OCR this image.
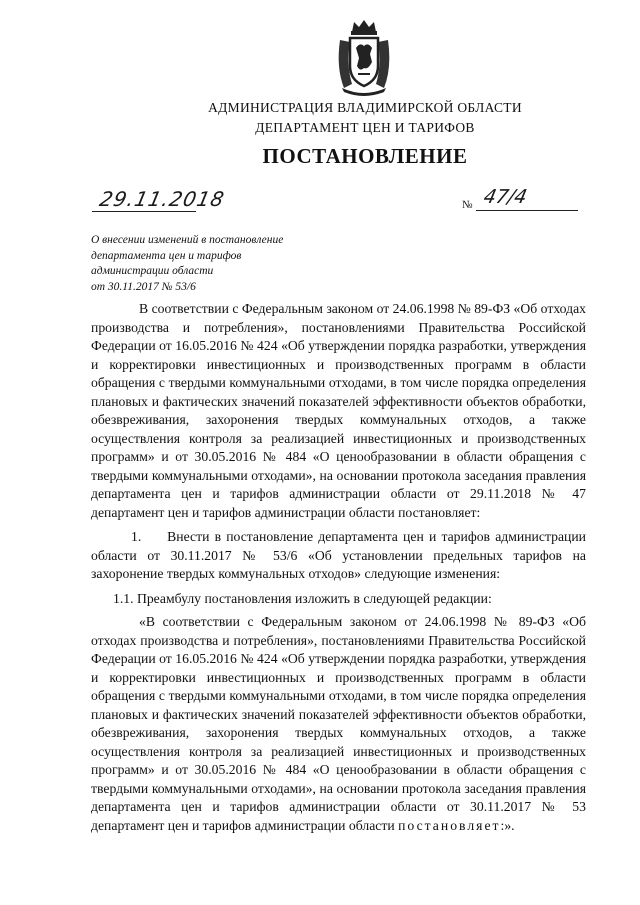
АДМИНИСТРАЦИЯ ВЛАДИМИРСКОЙ ОБЛАСТИ
ДЕПАРТАМЕНТ ЦЕН И ТАРИФОВ
ПОСТАНОВЛЕНИЕ
29.11.2018	№ 47/4
О внесении изменений в постановление
департамента цен и тарифов
администрации области
от 30.11.2017 № 53/6

В соответствии с Федеральным законом от 24.06.1998 № 89-ФЗ «Об отходах производства и потребления», постановлениями Правительства Российской Федерации от 16.05.2016 № 424 «Об утверждении порядка разработки, утверждения и корректировки инвестиционных и производственных программ в области обращения с твердыми коммунальными отходами, в том числе порядка определения плановых и фактических значений показателей эффективности объектов обработки, обезвреживания, захоронения твердых коммунальных отходов, а также осуществления контроля за реализацией инвестиционных и производственных программ» и от 30.05.2016 № 484 «О ценообразовании в области обращения с твердыми коммунальными отходами», на основании протокола заседания правления департамента цен и тарифов администрации области от 29.11.2018 № 47 департамент цен и тарифов администрации области постановляет:

1.     Внести в постановление департамента цен и тарифов администрации области от 30.11.2017 № 53/6 «Об установлении предельных тарифов на захоронение твердых коммунальных отходов» следующие изменения:

1.1. Преамбулу постановления изложить в следующей редакции:

«В соответствии с Федеральным законом от 24.06.1998 № 89-ФЗ «Об отходах производства и потребления», постановлениями Правительства Российской Федерации от 16.05.2016 № 424 «Об утверждении порядка разработки, утверждения и корректировки инвестиционных и производственных программ в области обращения с твердыми коммунальными отходами, в том числе порядка определения плановых и фактических значений показателей эффективности объектов обработки, обезвреживания, захоронения твердых коммунальных отходов, а также осуществления контроля за реализацией инвестиционных и производственных программ» и от 30.05.2016 № 484 «О ценообразовании в области обращения с твердыми коммунальными отходами», на основании протокола заседания правления департамента цен и тарифов администрации области от 30.11.2017 № 53 департамент цен и тарифов администрации области постановляет:».
